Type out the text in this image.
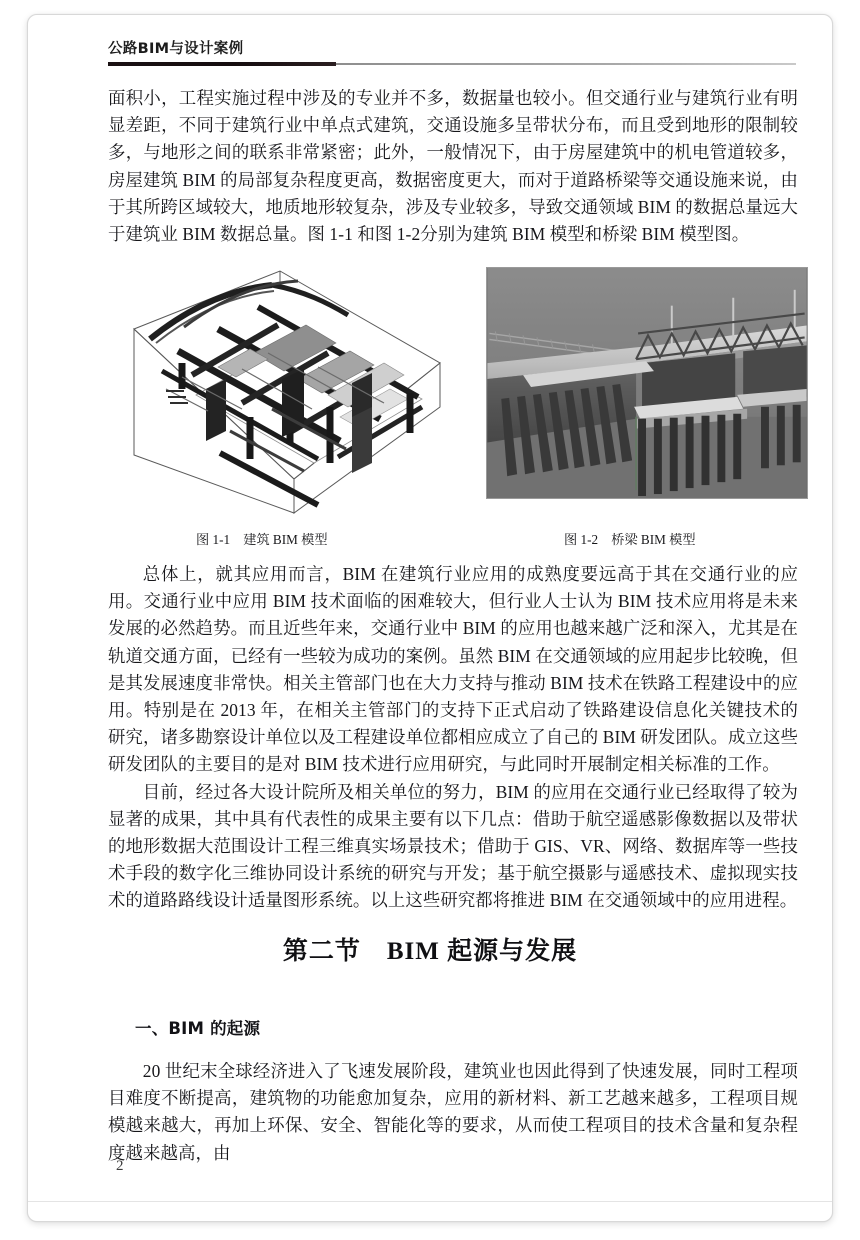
公路BIM与设计案例

面积小，工程实施过程中涉及的专业并不多，数据量也较小。但交通行业与建筑行业有明显差距，不同于建筑行业中单点式建筑，交通设施多呈带状分布，而且受到地形的限制较多，与地形之间的联系非常紧密；此外，一般情况下，由于房屋建筑中的机电管道较多，房屋建筑 BIM 的局部复杂程度更高，数据密度更大，而对于道路桥梁等交通设施来说，由于其所跨区域较大，地质地形较复杂，涉及专业较多，导致交通领域 BIM 的数据总量远大于建筑业 BIM 数据总量。图 1-1 和图 1-2分别为建筑 BIM 模型和桥梁 BIM 模型图。

图 1-1　建筑 BIM 模型	图 1-2　桥梁 BIM 模型

总体上，就其应用而言，BIM 在建筑行业应用的成熟度要远高于其在交通行业的应用。交通行业中应用 BIM 技术面临的困难较大，但行业人士认为 BIM 技术应用将是未来发展的必然趋势。而且近些年来，交通行业中 BIM 的应用也越来越广泛和深入，尤其是在轨道交通方面，已经有一些较为成功的案例。虽然 BIM 在交通领域的应用起步比较晚，但是其发展速度非常快。相关主管部门也在大力支持与推动 BIM 技术在铁路工程建设中的应用。特别是在 2013 年，在相关主管部门的支持下正式启动了铁路建设信息化关键技术的研究，诸多勘察设计单位以及工程建设单位都相应成立了自己的 BIM 研发团队。成立这些研发团队的主要目的是对 BIM 技术进行应用研究，与此同时开展制定相关标准的工作。

目前，经过各大设计院所及相关单位的努力，BIM 的应用在交通行业已经取得了较为显著的成果，其中具有代表性的成果主要有以下几点：借助于航空遥感影像数据以及带状的地形数据大范围设计工程三维真实场景技术；借助于 GIS、VR、网络、数据库等一些技术手段的数字化三维协同设计系统的研究与开发；基于航空摄影与遥感技术、虚拟现实技术的道路路线设计适量图形系统。以上这些研究都将推进 BIM 在交通领域中的应用进程。

第二节　BIM 起源与发展
一、BIM 的起源

20 世纪末全球经济进入了飞速发展阶段，建筑业也因此得到了快速发展，同时工程项目难度不断提高，建筑物的功能愈加复杂，应用的新材料、新工艺越来越多，工程项目规模越来越大，再加上环保、安全、智能化等的要求，从而使工程项目的技术含量和复杂程度越来越高，由

2
